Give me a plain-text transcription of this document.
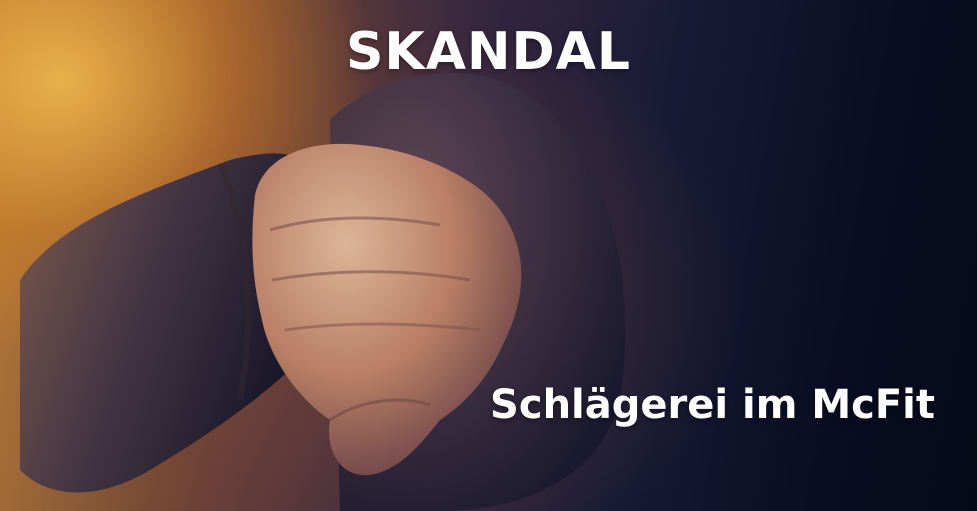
SKANDAL
Schlägerei im McFit
